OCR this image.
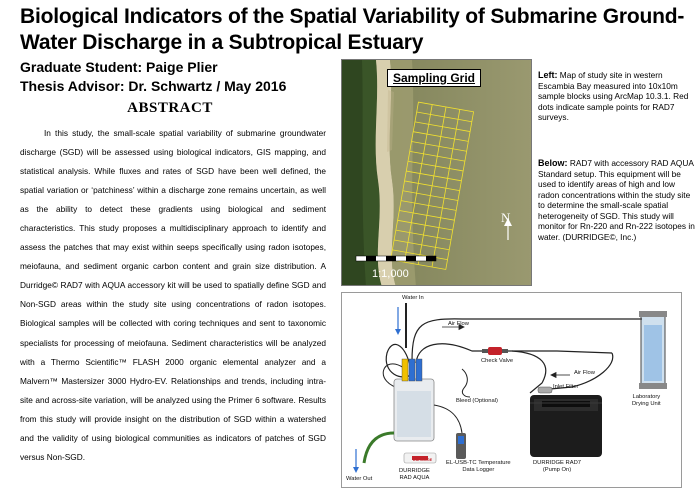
Biological Indicators of the Spatial Variability of Submarine Ground-
Water Discharge in a Subtropical Estuary
Graduate Student: Paige Plier
Thesis Advisor: Dr. Schwartz / May 2016
ABSTRACT
In this study, the small-scale spatial variability of submarine groundwater discharge (SGD) will be assessed using biological indicators, GIS mapping, and statistical analysis. While fluxes and rates of SGD have been well defined, the spatial variation or ‘patchiness’ within a discharge zone remains uncertain, as well as the ability to detect these gradients using biological and sediment characteristics. This study proposes a multidisciplinary approach to identify and assess the patches that may exist within seeps specifically using radon isotopes, meiofauna, and sediment organic carbon content and grain size distribution. A Durridge© RAD7 with AQUA accessory kit will be used to spatially define SGD and Non-SGD areas within the study site using concentrations of radon isotopes. Biological samples will be collected with coring techniques and sent to taxonomic specialists for processing of meiofauna. Sediment characteristics will be analyzed with a Thermo Scientific™ FLASH 2000 organic elemental analyzer and a Malvern™ Mastersizer 3000 Hydro-EV. Relationships and trends, including intra-site and across-site variation, will be analyzed using the Primer 6 software. Results from this study will provide insight on the distribution of SGD within a watershed and the validity of using biological communities as indicators of patches of SGD versus Non-SGD.
Sampling Grid
N
1:1,000
Left: Map of study site in western Escambia Bay measured into 10x10m sample blocks using ArcMap 10.3.1. Red dots indicate sample points for RAD7 surveys.
Below: RAD7 with accessory RAD AQUA Standard setup. This equipment will be used to identify areas of high and low radon concentrations within the study site to determine the small-scale spatial heterogeneity of SGD. This study will monitor for Rn-220 and Rn-222 isotopes in water. (DURRIDGE©, Inc.)
Water In
Air Flow
Check Valve
Air Flow
Inlet Filter
Laboratory
Drying Unit
Bleed (Optional)
DURRIDGE
DURRIDGE
RAD AQUA
EL-USB-TC Temperature
Data Logger
DURRIDGE RAD7
(Pump On)
Water Out
